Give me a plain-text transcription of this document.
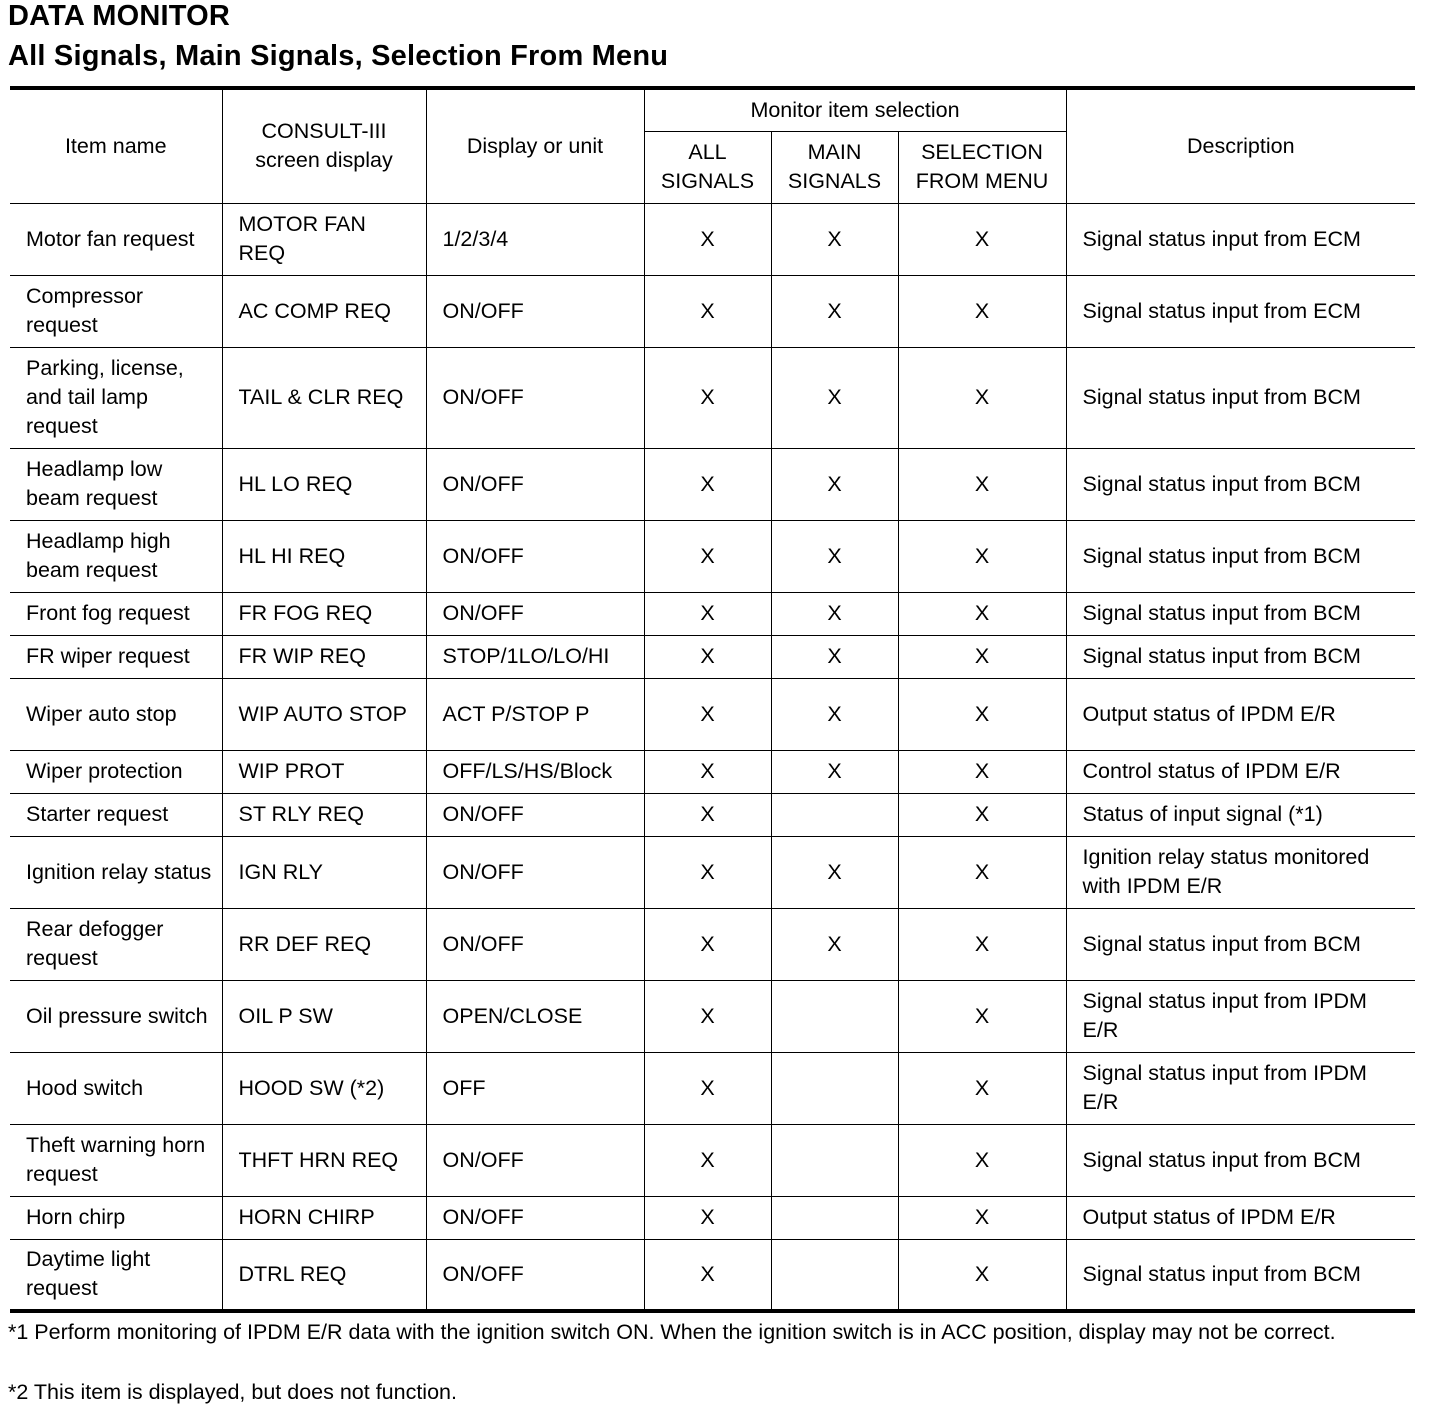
DATA MONITOR
All Signals, Main Signals, Selection From Menu
Item name	CONSULT-III screen display	Display or unit	Monitor item selection			Description
			ALL SIGNALS	MAIN SIGNALS	SELECTION FROM MENU	
Motor fan request	MOTOR FAN REQ	1/2/3/4	X	X	X	Signal status input from ECM
Compressor request	AC COMP REQ	ON/OFF	X	X	X	Signal status input from ECM
Parking, license, and tail lamp request	TAIL & CLR REQ	ON/OFF	X	X	X	Signal status input from BCM
Headlamp low beam request	HL LO REQ	ON/OFF	X	X	X	Signal status input from BCM
Headlamp high beam request	HL HI REQ	ON/OFF	X	X	X	Signal status input from BCM
Front fog request	FR FOG REQ	ON/OFF	X	X	X	Signal status input from BCM
FR wiper request	FR WIP REQ	STOP/1LO/LO/HI	X	X	X	Signal status input from BCM
Wiper auto stop	WIP AUTO STOP	ACT P/STOP P	X	X	X	Output status of IPDM E/R
Wiper protection	WIP PROT	OFF/LS/HS/Block	X	X	X	Control status of IPDM E/R
Starter request	ST RLY REQ	ON/OFF	X		X	Status of input signal (*1)
Ignition relay status	IGN RLY	ON/OFF	X	X	X	Ignition relay status monitored with IPDM E/R
Rear defogger request	RR DEF REQ	ON/OFF	X	X	X	Signal status input from BCM
Oil pressure switch	OIL P SW	OPEN/CLOSE	X		X	Signal status input from IPDM E/R
Hood switch	HOOD SW (*2)	OFF	X		X	Signal status input from IPDM E/R
Theft warning horn request	THFT HRN REQ	ON/OFF	X		X	Signal status input from BCM
Horn chirp	HORN CHIRP	ON/OFF	X		X	Output status of IPDM E/R
Daytime light request	DTRL REQ	ON/OFF	X		X	Signal status input from BCM
*1 Perform monitoring of IPDM E/R data with the ignition switch ON. When the ignition switch is in ACC position, display may not be correct.
*2 This item is displayed, but does not function.
